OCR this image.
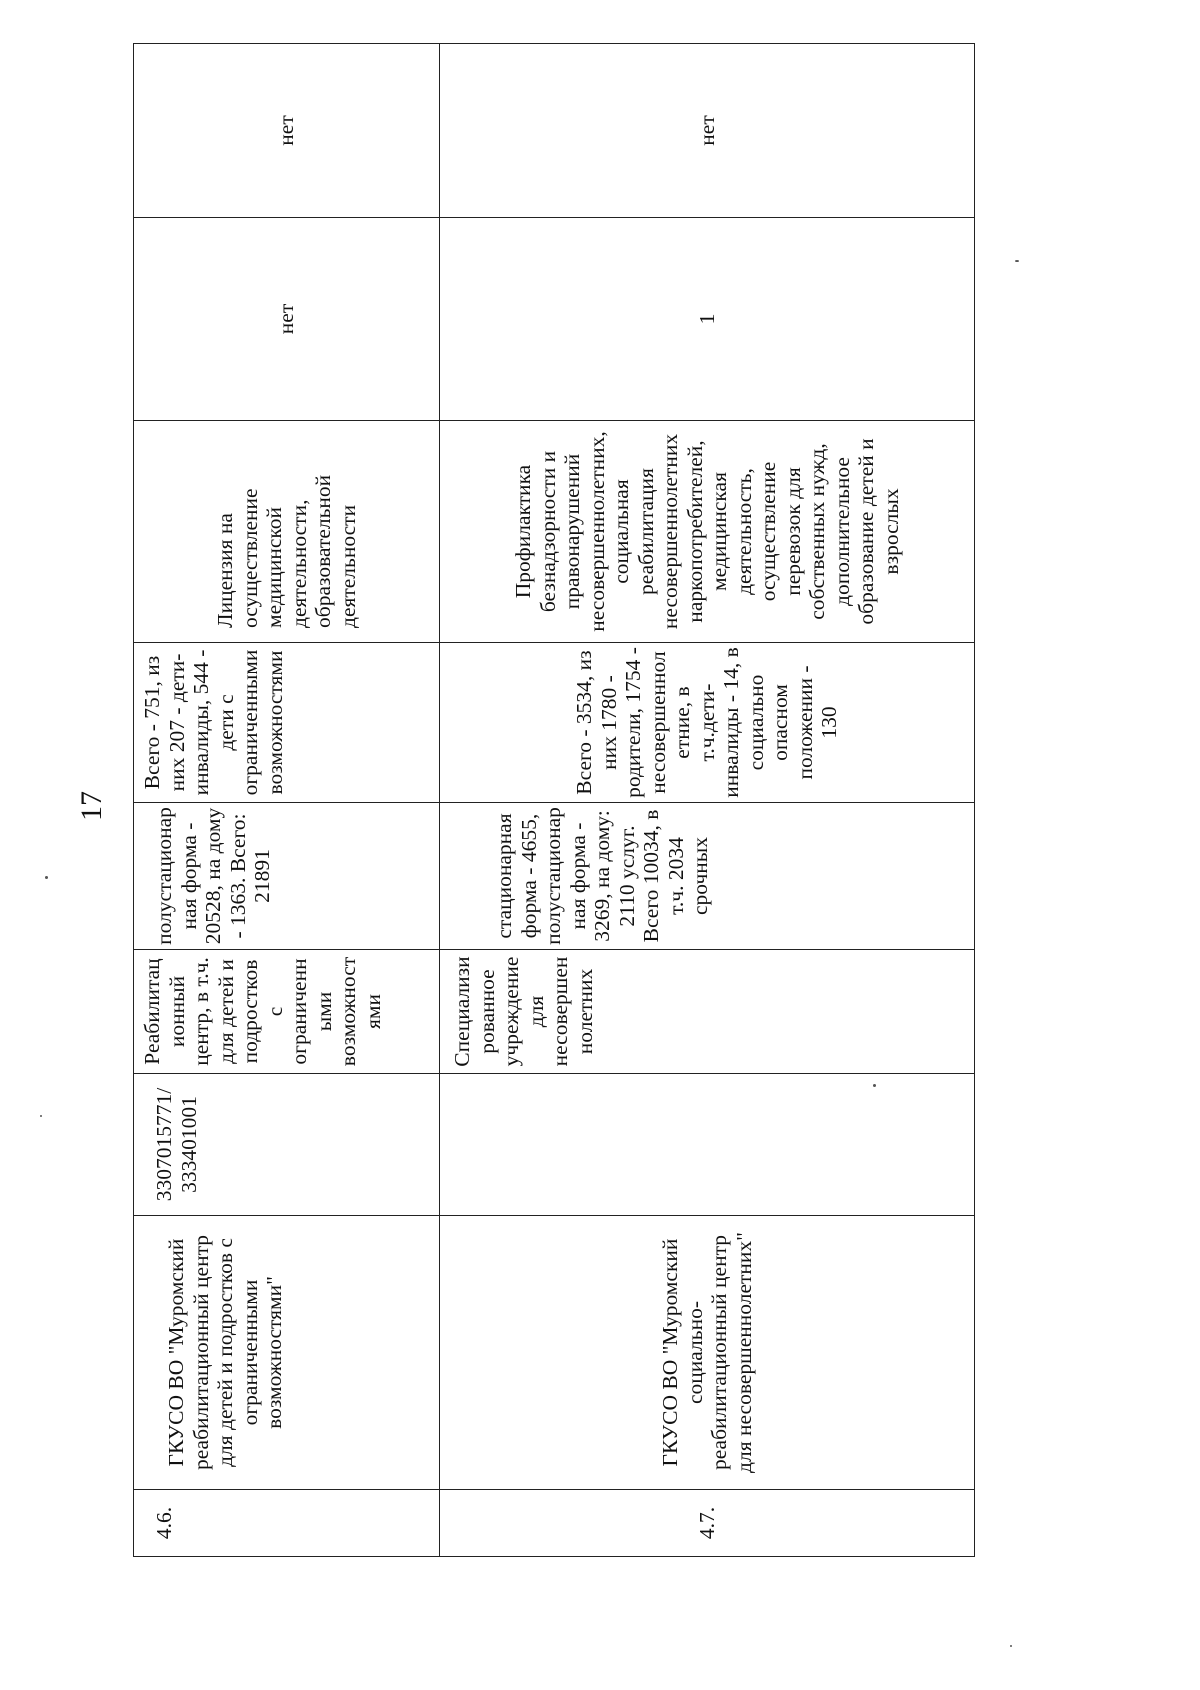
17
4.6.	ГКУСО ВО "Муромский реабилитационный центр для детей и подростков с ограниченными возможностями"	3307015771/ 333401001	Реабилитационный центр, в т.ч. для детей и подростков с ограниченными возможностями	полустационарная форма - 20528, на дому - 1363. Всего: 21891	Всего - 751, из них 207 - дети-инвалиды, 544 - дети с ограниченными возможностями	Лицензия на осуществление медицинской деятельности, образовательной деятельности	нет	нет
4.7.	ГКУСО ВО "Муромский социально-реабилитационный центр для несовершеннолетних"		Специализированное учреждение для несовершеннолетних	стационарная форма - 4655, полустационарная форма - 3269, на дому: 2110 услуг. Всего 10034, в т.ч. 2034 срочных	Всего - 3534, из них 1780 - родители, 1754 - несовершеннолетние, в т.ч.дети-инвалиды - 14, в социально опасном положении - 130	Профилактика безнадзорности и правонарушений несовершеннолетних, социальная реабилитация несовершеннолетних наркопотребителей, медицинская деятельность, осуществление перевозок для собственных нужд, дополнительное образование детей и взрослых	1	нет
